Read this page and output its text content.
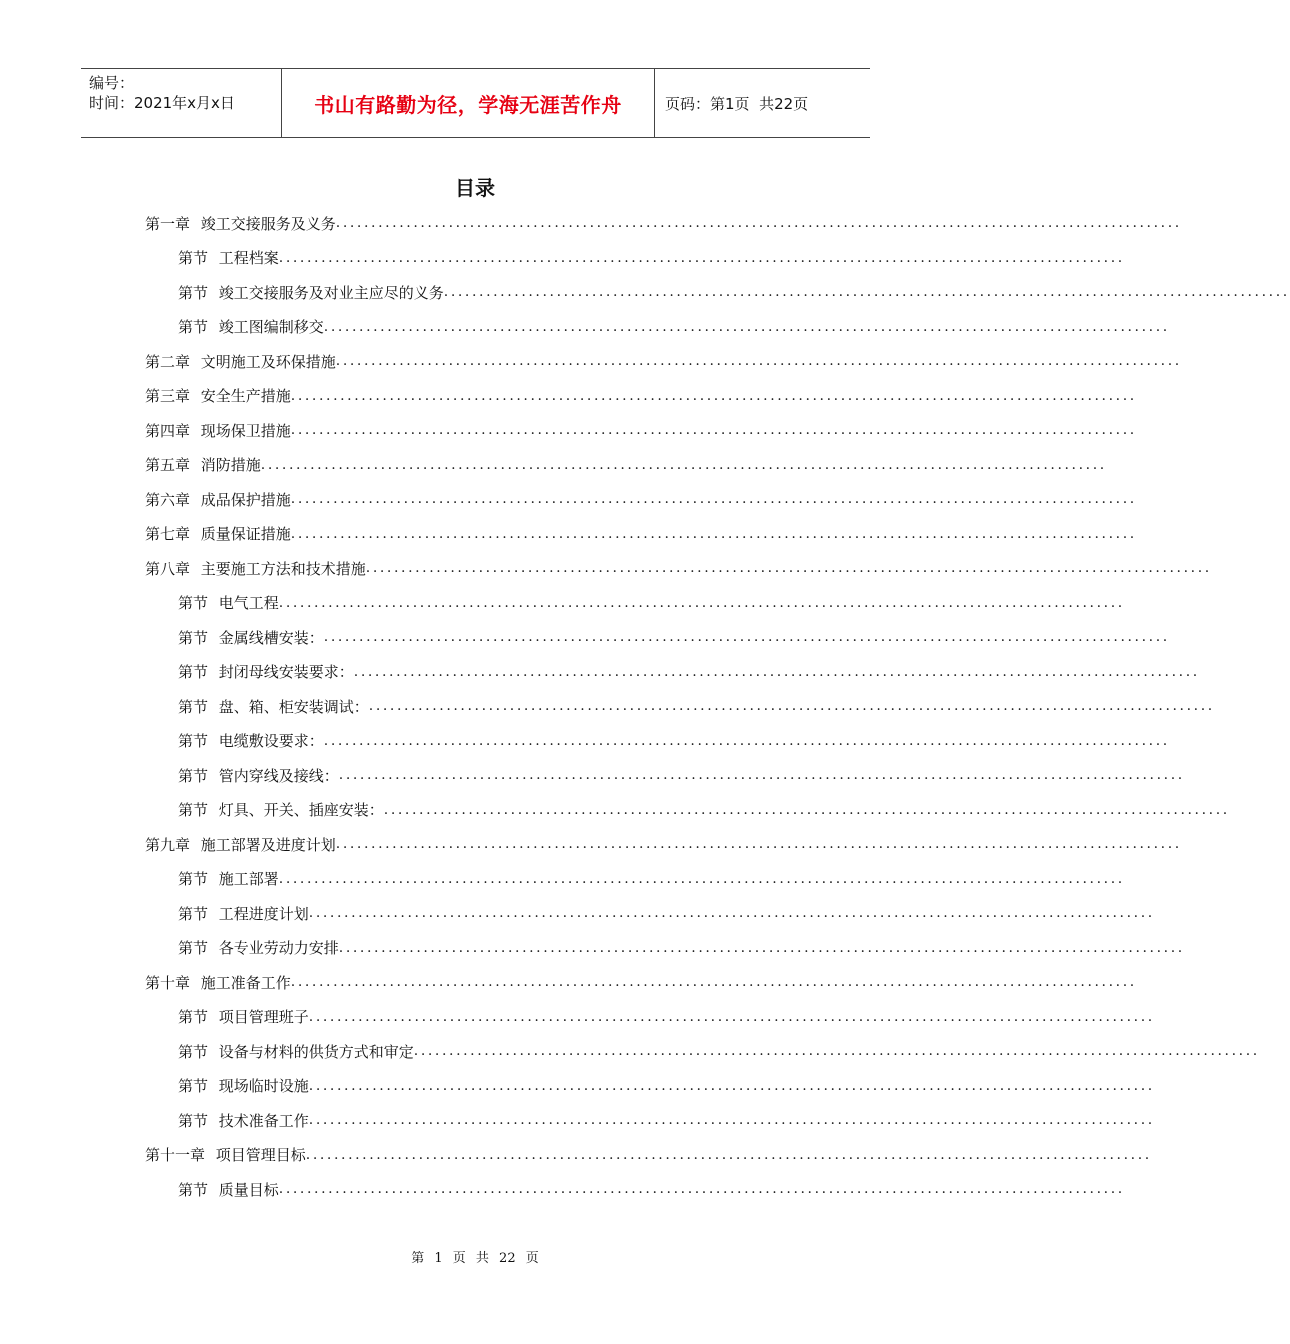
编号：
时间：2021年x月x日	书山有路勤为径，学海无涯苦作舟	页码：第1页  共22页
目录
第一章 竣工交接服务及义务 ........................................................................................................................
第节 工程档案 ........................................................................................................................
第节 竣工交接服务及对业主应尽的义务 ........................................................................................................................
第节 竣工图编制移交 ........................................................................................................................
第二章 文明施工及环保措施 ........................................................................................................................
第三章 安全生产措施 ........................................................................................................................
第四章 现场保卫措施 ........................................................................................................................
第五章 消防措施 ........................................................................................................................
第六章 成品保护措施 ........................................................................................................................
第七章 质量保证措施 ........................................................................................................................
第八章 主要施工方法和技术措施 ........................................................................................................................
第节 电气工程 ........................................................................................................................
第节 金属线槽安装： ........................................................................................................................
第节 封闭母线安装要求： ........................................................................................................................
第节 盘、箱、柜安装调试： ........................................................................................................................
第节 电缆敷设要求： ........................................................................................................................
第节 管内穿线及接线： ........................................................................................................................
第节 灯具、开关、插座安装： ........................................................................................................................
第九章 施工部署及进度计划 ........................................................................................................................
第节 施工部署 ........................................................................................................................
第节 工程进度计划 ........................................................................................................................
第节 各专业劳动力安排 ........................................................................................................................
第十章 施工准备工作 ........................................................................................................................
第节 项目管理班子 ........................................................................................................................
第节 设备与材料的供货方式和审定 ........................................................................................................................
第节 现场临时设施 ........................................................................................................................
第节 技术准备工作 ........................................................................................................................
第十一章 项目管理目标 ........................................................................................................................
第节 质量目标 ........................................................................................................................
第 1 页 共 22 页
